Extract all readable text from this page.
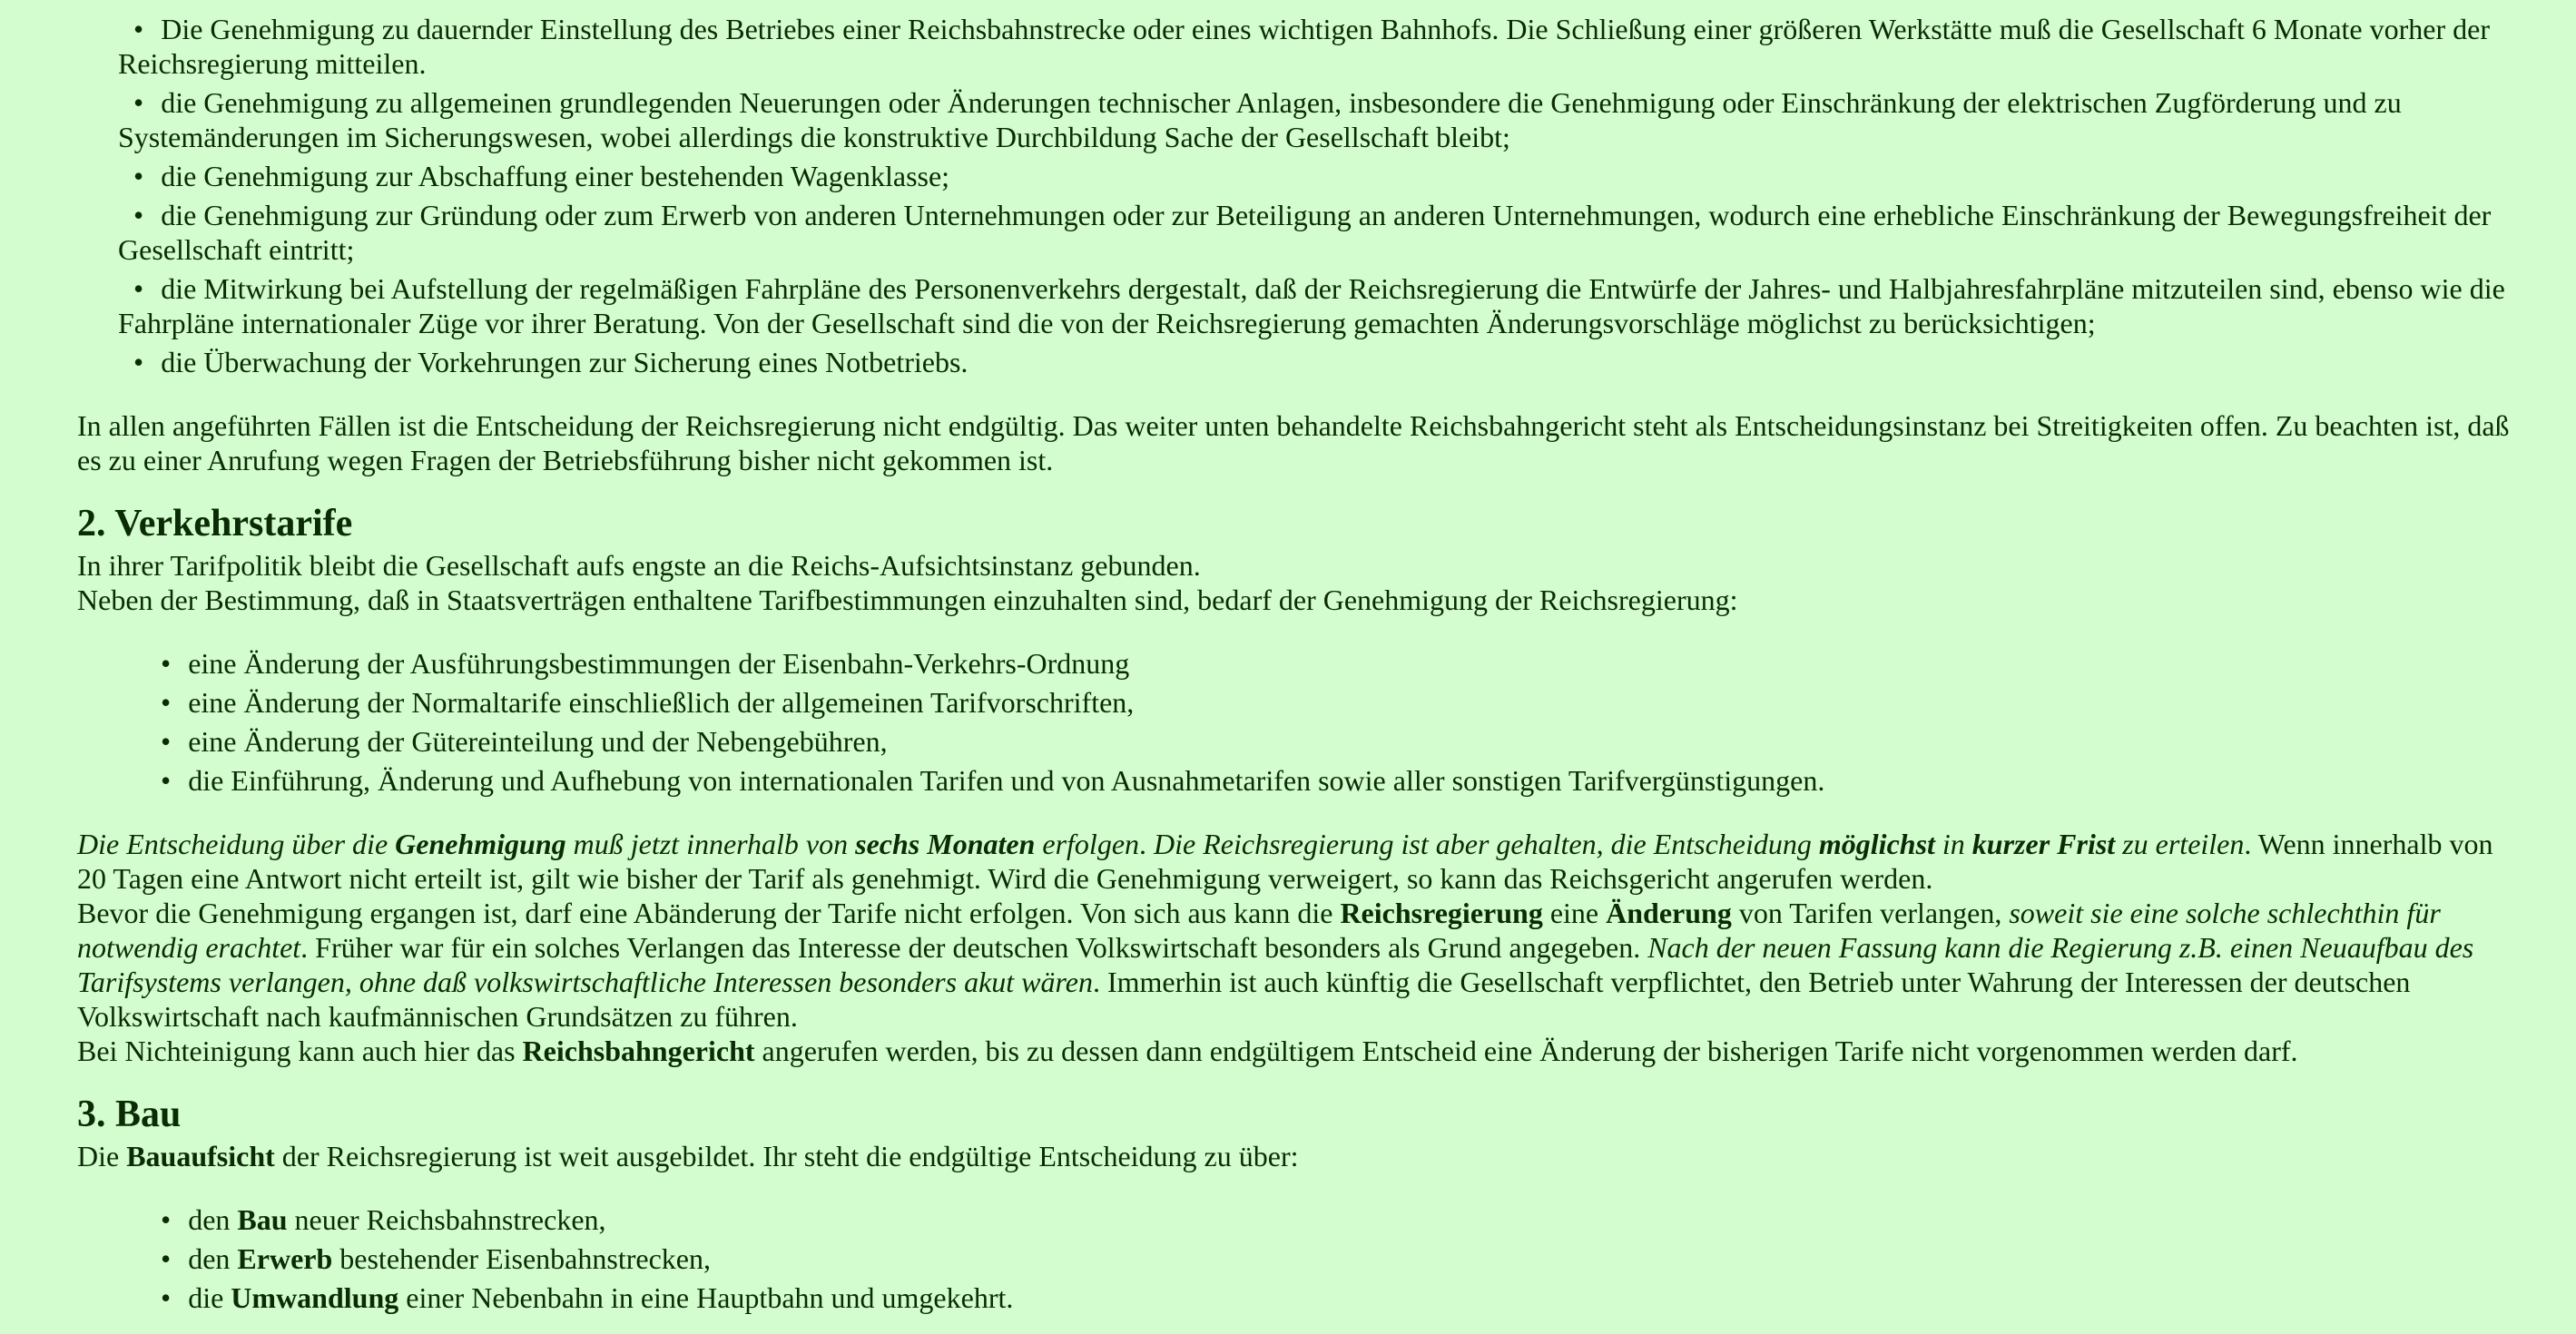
• Die Genehmigung zu dauernder Einstellung des Betriebes einer Reichsbahnstrecke oder eines wichtigen Bahnhofs. Die Schließung einer größeren Werkstätte muß die Gesellschaft 6 Monate vorher der Reichsregierung mitteilen.
• die Genehmigung zu allgemeinen grundlegenden Neuerungen oder Änderungen technischer Anlagen, insbesondere die Genehmigung oder Einschränkung der elektrischen Zugförderung und zu Systemänderungen im Sicherungswesen, wobei allerdings die konstruktive Durchbildung Sache der Gesellschaft bleibt;
• die Genehmigung zur Abschaffung einer bestehenden Wagenklasse;
• die Genehmigung zur Gründung oder zum Erwerb von anderen Unternehmungen oder zur Beteiligung an anderen Unternehmungen, wodurch eine erhebliche Einschränkung der Bewegungsfreiheit der Gesellschaft eintritt;
• die Mitwirkung bei Aufstellung der regelmäßigen Fahrpläne des Personenverkehrs dergestalt, daß der Reichsregierung die Entwürfe der Jahres- und Halbjahresfahrpläne mitzuteilen sind, ebenso wie die Fahrpläne internationaler Züge vor ihrer Beratung. Von der Gesellschaft sind die von der Reichsregierung gemachten Änderungsvorschläge möglichst zu berücksichtigen;
• die Überwachung der Vorkehrungen zur Sicherung eines Notbetriebs.

In allen angeführten Fällen ist die Entscheidung der Reichsregierung nicht endgültig. Das weiter unten behandelte Reichsbahngericht steht als Entscheidungsinstanz bei Streitigkeiten offen. Zu beachten ist, daß es zu einer Anrufung wegen Fragen der Betriebsführung bisher nicht gekommen ist.

2. Verkehrstarife

In ihrer Tarifpolitik bleibt die Gesellschaft aufs engste an die Reichs-Aufsichtsinstanz gebunden.

Neben der Bestimmung, daß in Staatsverträgen enthaltene Tarifbestimmungen einzuhalten sind, bedarf der Genehmigung der Reichsregierung:

• eine Änderung der Ausführungsbestimmungen der Eisenbahn-Verkehrs-Ordnung
• eine Änderung der Normaltarife einschließlich der allgemeinen Tarifvorschriften,
• eine Änderung der Gütereinteilung und der Nebengebühren,
• die Einführung, Änderung und Aufhebung von internationalen Tarifen und von Ausnahmetarifen sowie aller sonstigen Tarifvergünstigungen.

Die Entscheidung über die Genehmigung muß jetzt innerhalb von sechs Monaten erfolgen. Die Reichsregierung ist aber gehalten, die Entscheidung möglichst in kurzer Frist zu erteilen. Wenn innerhalb von 20 Tagen eine Antwort nicht erteilt ist, gilt wie bisher der Tarif als genehmigt. Wird die Genehmigung verweigert, so kann das Reichsgericht angerufen werden.

Bevor die Genehmigung ergangen ist, darf eine Abänderung der Tarife nicht erfolgen. Von sich aus kann die Reichsregierung eine Änderung von Tarifen verlangen, soweit sie eine solche schlechthin für notwendig erachtet. Früher war für ein solches Verlangen das Interesse der deutschen Volkswirtschaft besonders als Grund angegeben. Nach der neuen Fassung kann die Regierung z.B. einen Neuaufbau des Tarifsystems verlangen, ohne daß volkswirtschaftliche Interessen besonders akut wären. Immerhin ist auch künftig die Gesellschaft verpflichtet, den Betrieb unter Wahrung der Interessen der deutschen Volkswirtschaft nach kaufmännischen Grundsätzen zu führen.

Bei Nichteinigung kann auch hier das Reichsbahngericht angerufen werden, bis zu dessen dann endgültigem Entscheid eine Änderung der bisherigen Tarife nicht vorgenommen werden darf.

3. Bau

Die Bauaufsicht der Reichsregierung ist weit ausgebildet. Ihr steht die endgültige Entscheidung zu über:

• den Bau neuer Reichsbahnstrecken,
• den Erwerb bestehender Eisenbahnstrecken,
• die Umwandlung einer Nebenbahn in eine Hauptbahn und umgekehrt.
